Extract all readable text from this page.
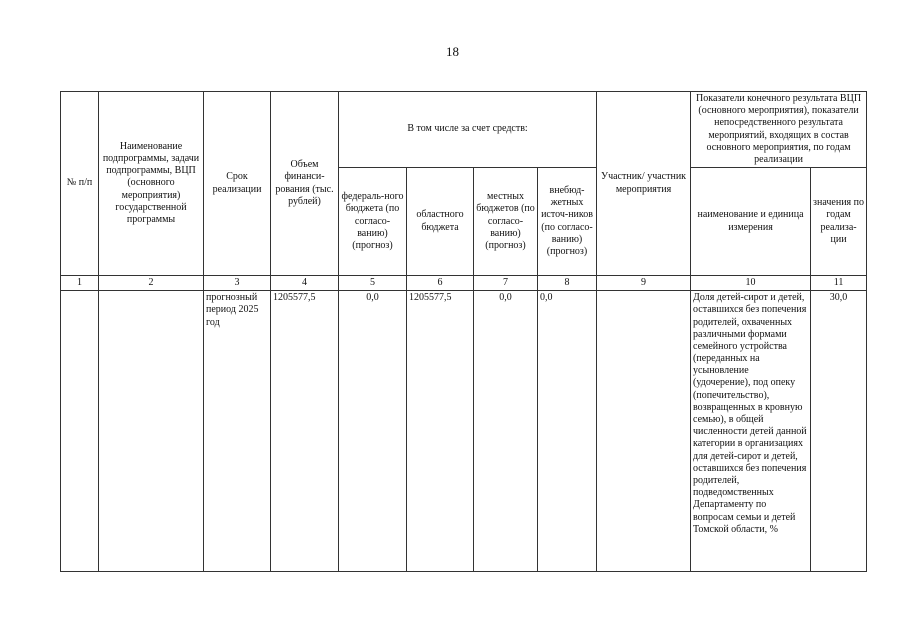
18
№ п/п	Наименование подпрограммы, задачи подпрограммы, ВЦП (основного мероприятия) государственной программы	Срок реализации	Объем финанси-рования (тыс. рублей)	В том числе за счет средств:				Участник/ участник мероприятия	Показатели конечного результата ВЦП (основного мероприятия), показатели непосредственного результата мероприятий, входящих в состав основного мероприятия, по годам реализации	
				федераль-ного бюджета (по согласо-ванию) (прогноз)	областного бюджета	местных бюджетов (по согласо-ванию) (прогноз)	внебюд-жетных источ-ников (по согласо-ванию) (прогноз)		наименование и единица измерения	значения по годам реализа-ции
1	2	3	4	5	6	7	8	9	10	11
		прогнозный период 2025 год	1205577,5	0,0	1205577,5	0,0	0,0		Доля детей-сирот и детей, оставшихся без попечения родителей, охваченных различными формами семейного устройства (переданных на усыновление (удочерение), под опеку (попечительство), возвращенных в кровную семью), в общей численности детей данной категории в организациях для детей-сирот и детей, оставшихся без попечения родителей, подведомственных Департаменту по вопросам семьи и детей Томской области, %	30,0
